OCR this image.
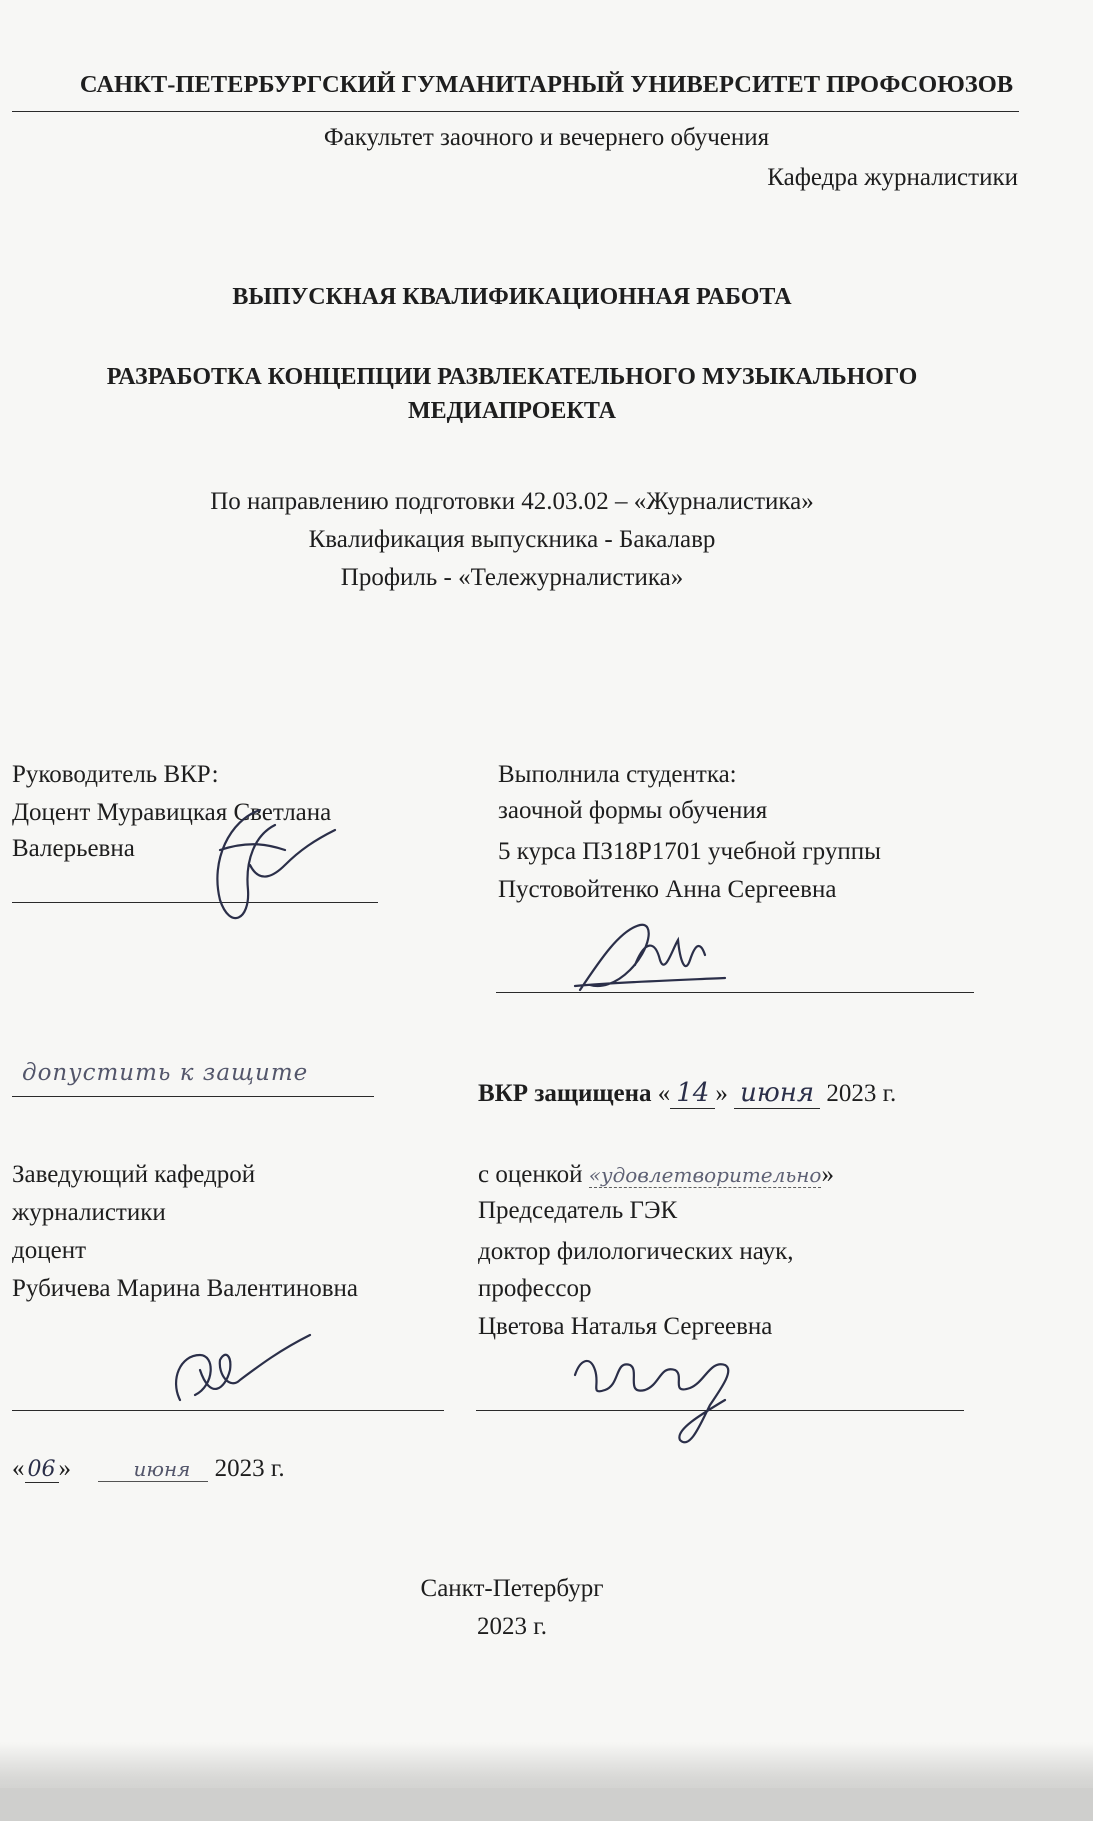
САНКТ-ПЕТЕРБУРГСКИЙ ГУМАНИТАРНЫЙ УНИВЕРСИТЕТ ПРОФСОЮЗОВ
Факультет заочного и вечернего обучения
Кафедра журналистики
ВЫПУСКНАЯ КВАЛИФИКАЦИОННАЯ РАБОТА
РАЗРАБОТКА КОНЦЕПЦИИ РАЗВЛЕКАТЕЛЬНОГО МУЗЫКАЛЬНОГО
МЕДИАПРОЕКТА
По направлению подготовки 42.03.02 – «Журналистика»
Квалификация выпускника - Бакалавр
Профиль - «Тележурналистика»
Руководитель ВКР:
Доцент Муравицкая Светлана
Валерьевна
Выполнила студентка:
заочной формы обучения
5 курса ПЗ18Р1701 учебной группы
Пустовойтенко Анна Сергеевна
допустить к защите
ВКР защищена « 14 » июня 2023 г.
Заведующий кафедрой
журналистики
доцент
Рубичева Марина Валентиновна
с оценкой «удовлетворительно»
Председатель ГЭК
доктор филологических наук,
профессор
Цветова Наталья Сергеевна
« 06 »	июня 2023 г.
Санкт-Петербург
2023 г.
